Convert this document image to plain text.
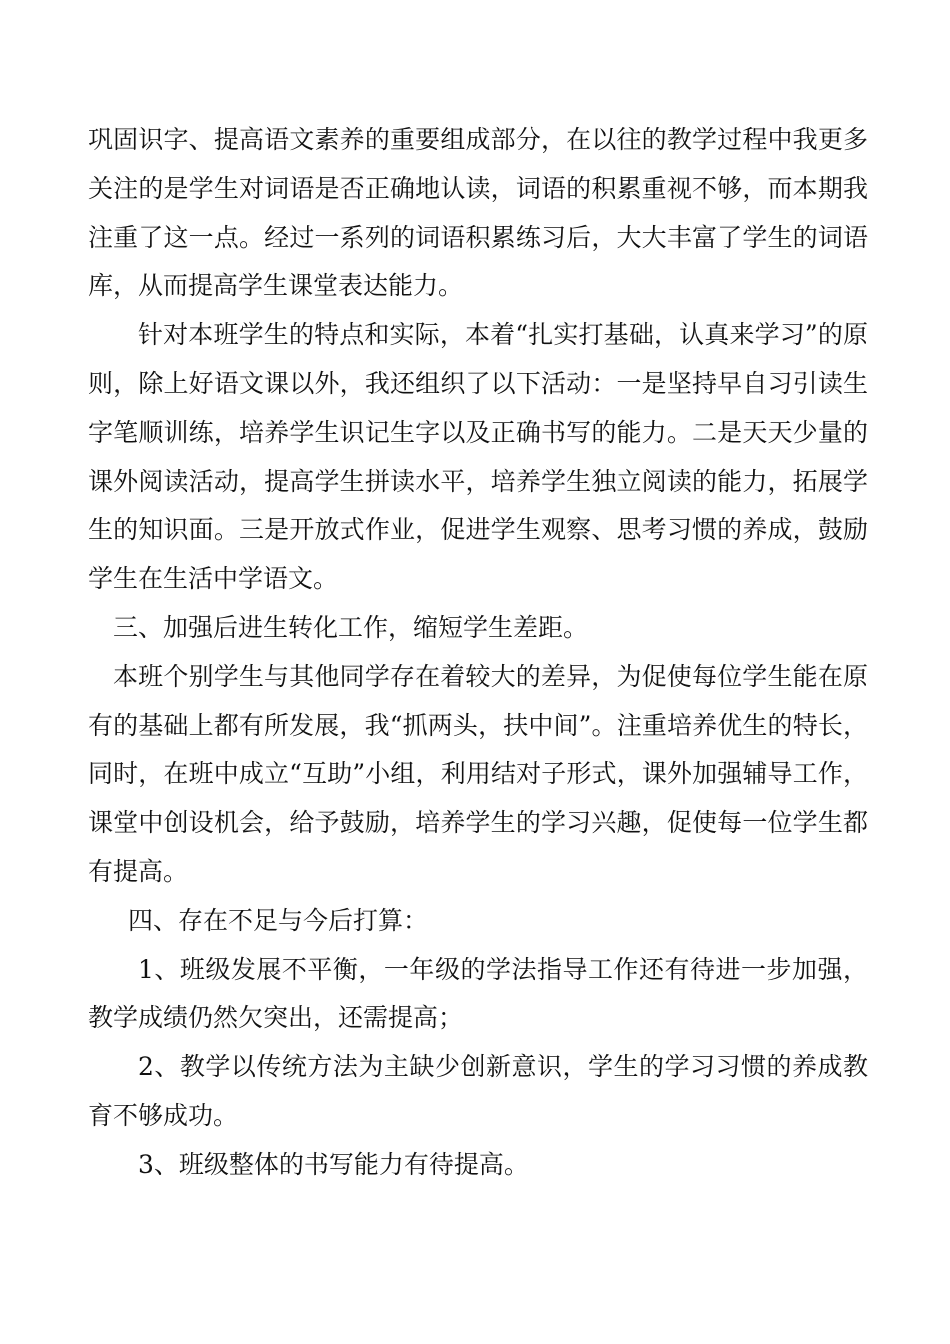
巩固识字、提高语文素养的重要组成部分，在以往的教学过程中我更多关注的是学生对词语是否正确地认读，词语的积累重视不够，而本期我注重了这一点。经过一系列的词语积累练习后，大大丰富了学生的词语库，从而提高学生课堂表达能力。

针对本班学生的特点和实际，本着“扎实打基础，认真来学习”的原则，除上好语文课以外，我还组织了以下活动：一是坚持早自习引读生字笔顺训练，培养学生识记生字以及正确书写的能力。二是天天少量的课外阅读活动，提高学生拼读水平，培养学生独立阅读的能力，拓展学生的知识面。三是开放式作业，促进学生观察、思考习惯的养成，鼓励学生在生活中学语文。

三、加强后进生转化工作，缩短学生差距。

本班个别学生与其他同学存在着较大的差异，为促使每位学生能在原有的基础上都有所发展，我“抓两头，扶中间”。注重培养优生的特长，同时，在班中成立“互助”小组，利用结对子形式，课外加强辅导工作，课堂中创设机会，给予鼓励，培养学生的学习兴趣，促使每一位学生都有提高。

四、存在不足与今后打算：

1、班级发展不平衡，一年级的学法指导工作还有待进一步加强，教学成绩仍然欠突出，还需提高；

2、教学以传统方法为主缺少创新意识，学生的学习习惯的养成教育不够成功。

3、班级整体的书写能力有待提高。
